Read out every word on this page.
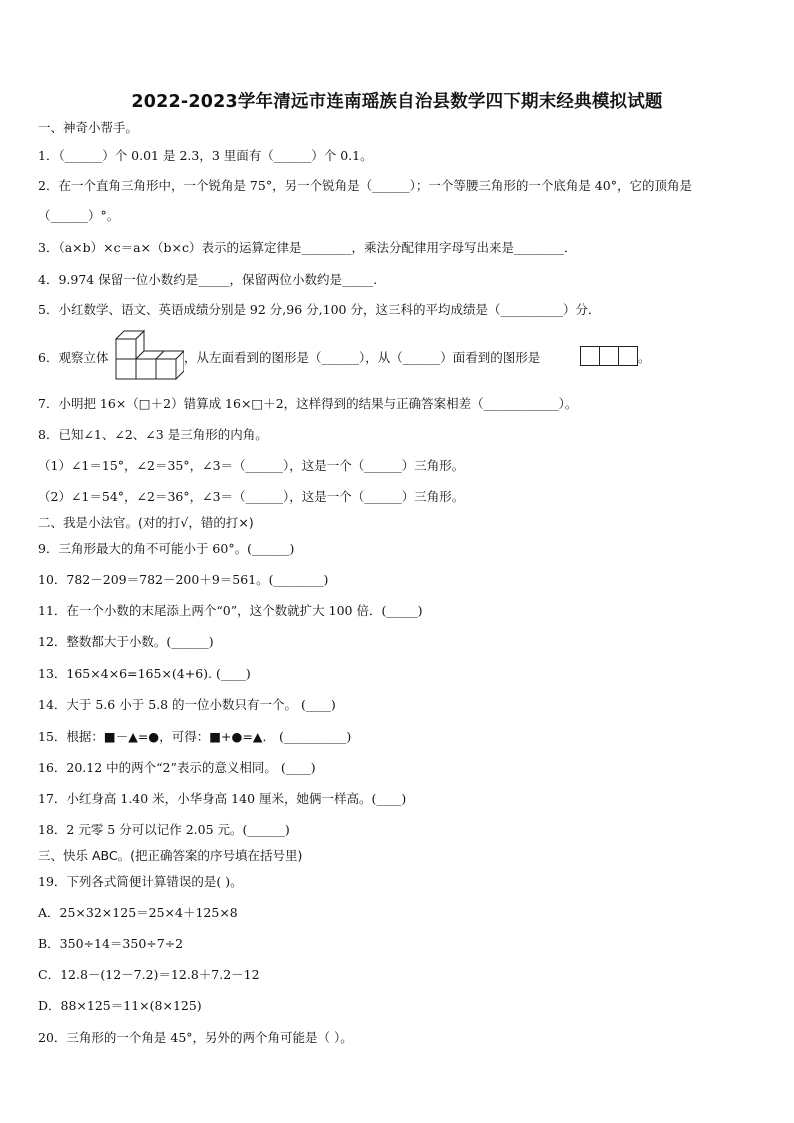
2022-2023学年清远市连南瑶族自治县数学四下期末经典模拟试题
一、神奇小帮手。
1．（______）个 0.01 是 2.3，3 里面有（______）个 0.1。
2．在一个直角三角形中，一个锐角是 75°，另一个锐角是（______）；一个等腰三角形的一个底角是 40°，它的顶角是
（______）°。
3．（a×b）×c＝a×（b×c）表示的运算定律是________，乘法分配律用字母写出来是________．
4．9.974 保留一位小数约是_____，保留两位小数约是_____.
5．小红数学、语文、英语成绩分别是 92 分,96 分,100 分，这三科的平均成绩是（__________）分．
7．小明把 16×（□＋2）错算成 16×□＋2，这样得到的结果与正确答案相差（____________）。
8．已知∠1、∠2、∠3 是三角形的内角。
（1）∠1＝15°，∠2＝35°，∠3＝（______），这是一个（______）三角形。
（2）∠1＝54°，∠2＝36°，∠3＝（______），这是一个（______）三角形。
二、我是小法官。(对的打√，错的打×)
9．三角形最大的角不可能小于 60°。(______)
10．782－209＝782－200＋9＝561。(________)
11．在一个小数的末尾添上两个“0”，这个数就扩大 100 倍．(_____)
12．整数都大于小数。(______)
13．165×4×6=165×(4+6). (____)
14．大于 5.6 小于 5.8 的一位小数只有一个。 (____)
15．根据：■－▲=●，可得：■+●=▲． (__________)
16．20.12 中的两个“2”表示的意义相同。 (____)
17．小红身高 1.40 米，小华身高 140 厘米，她俩一样高。(____)
18．2 元零 5 分可以记作 2.05 元。(______)
三、快乐 ABC。(把正确答案的序号填在括号里)
19．下列各式简便计算错误的是( )。
A．25×32×125＝25×4＋125×8
B．350÷14＝350÷7÷2
C．12.8－(12－7.2)＝12.8＋7.2－12
D．88×125＝11×(8×125)
20．三角形的一个角是 45°，另外的两个角可能是（ ）。
6．观察立体	，从左面看到的图形是（______），从（______）面看到的图形是	。
